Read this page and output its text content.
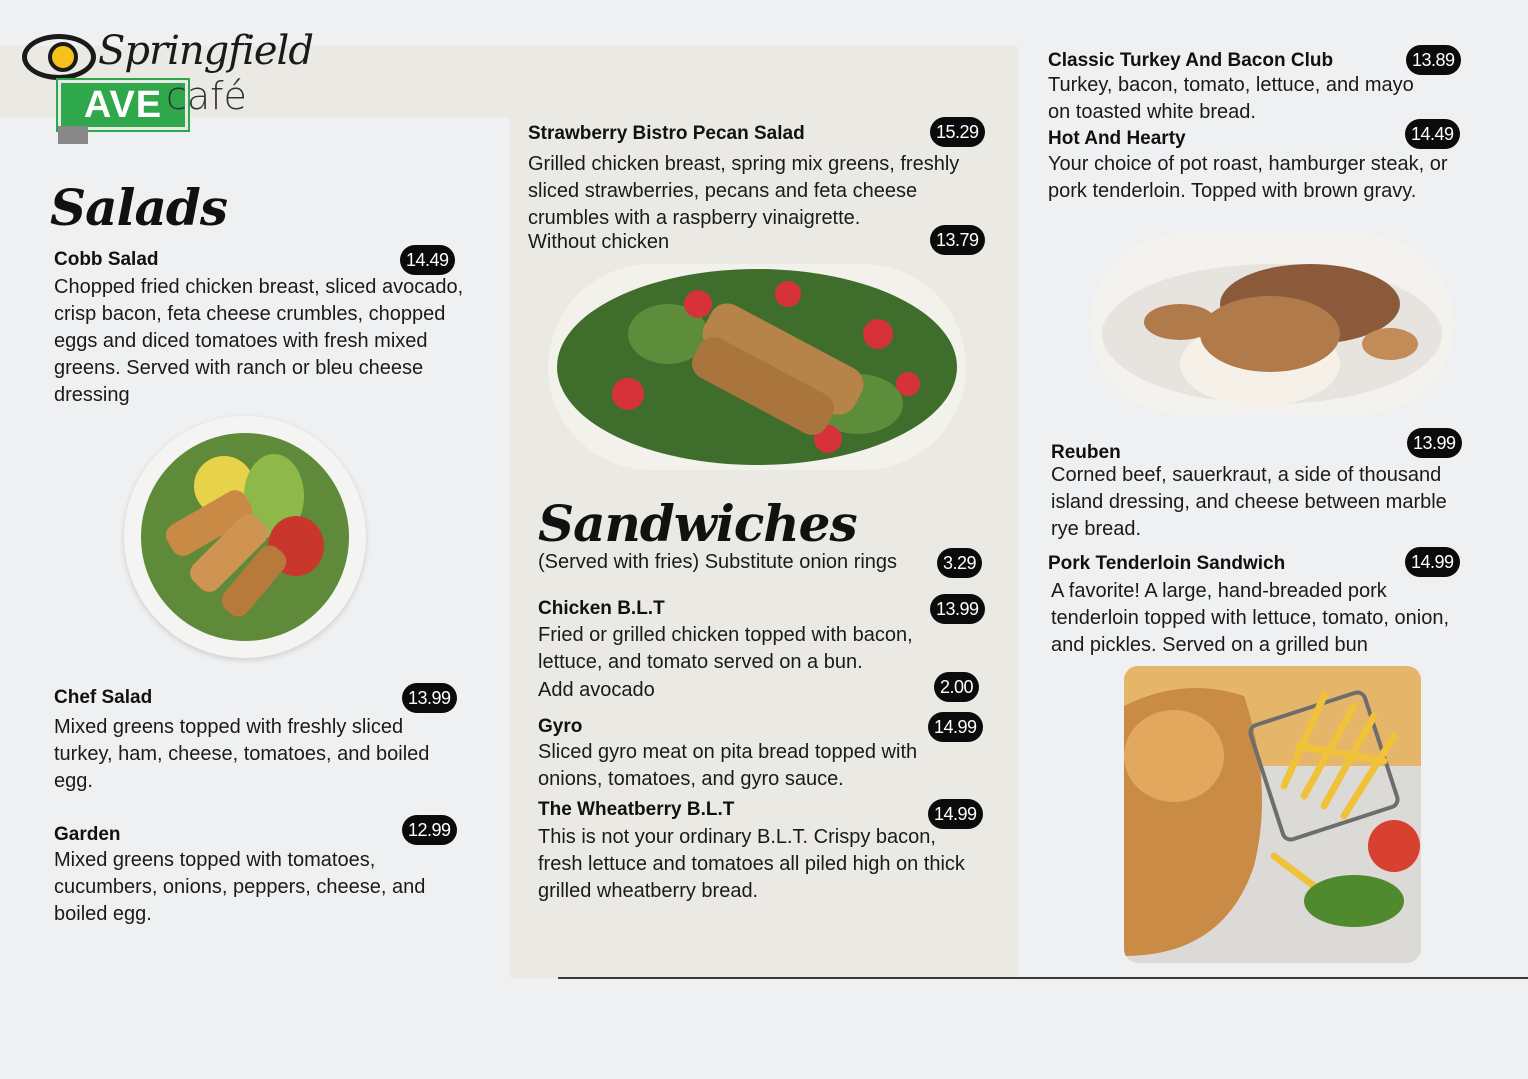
Springfield
AVE café
Salads
Cobb Salad	14.49
Chopped fried chicken breast, sliced avocado, crisp bacon, feta cheese crumbles, chopped eggs and diced tomatoes with fresh mixed greens. Served with ranch or bleu cheese dressing
Chef Salad	13.99
Mixed greens topped with freshly sliced turkey, ham, cheese, tomatoes, and boiled egg.
Garden	12.99
Mixed greens topped with tomatoes, cucumbers, onions, peppers, cheese, and boiled egg.
Strawberry Bistro Pecan Salad	15.29
Grilled chicken breast, spring mix greens, freshly sliced strawberries, pecans and feta cheese crumbles with a raspberry vinaigrette.
Without chicken	13.79
Sandwiches
(Served with fries) Substitute onion rings	3.29
Chicken B.L.T	13.99
Fried or grilled chicken topped with bacon, lettuce, and tomato served on a bun.
Add avocado	2.00
Gyro	14.99
Sliced gyro meat on pita bread topped with onions, tomatoes, and gyro sauce.
The Wheatberry B.L.T	14.99
This is not your ordinary B.L.T. Crispy bacon, fresh lettuce and tomatoes all piled high on thick grilled wheatberry bread.
Classic Turkey And Bacon Club	13.89
Turkey, bacon, tomato, lettuce, and mayo on toasted white bread.
Hot And Hearty	14.49
Your choice of pot roast, hamburger steak, or pork tenderloin. Topped with brown gravy.
Reuben	13.99
Corned beef, sauerkraut, a side of thousand island dressing, and cheese between marble rye bread.
Pork Tenderloin Sandwich	14.99
A favorite! A large, hand-breaded pork tenderloin topped with lettuce, tomato, onion, and pickles. Served on a grilled bun
